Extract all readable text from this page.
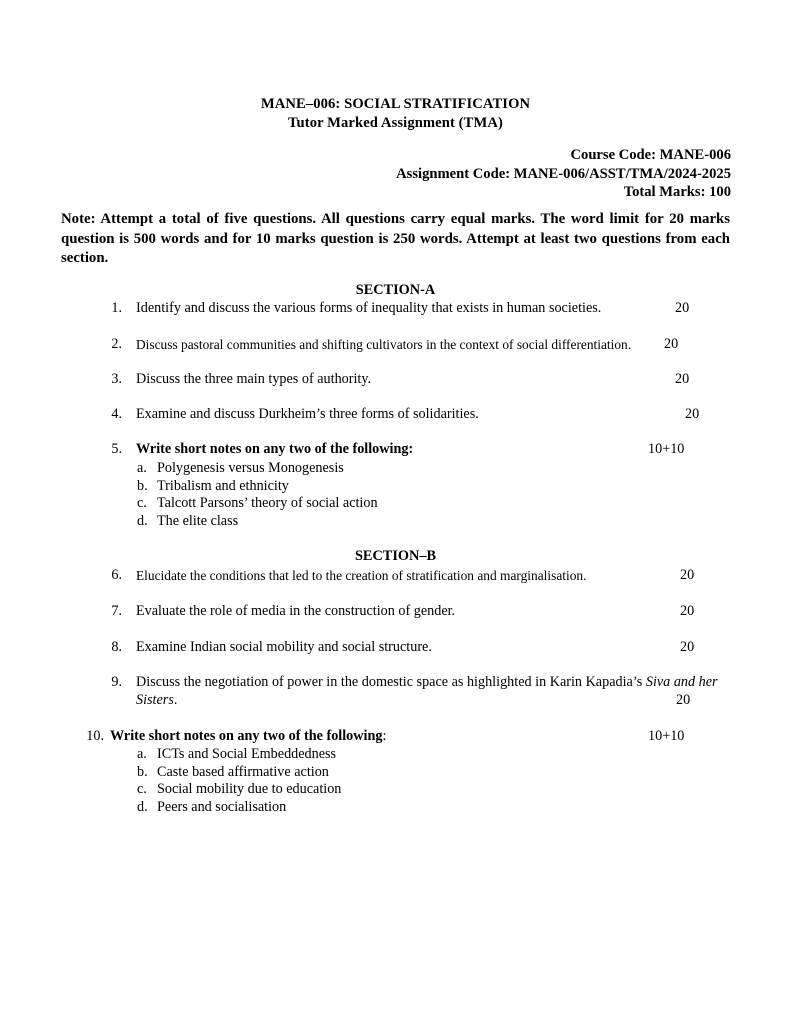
MANE–006: SOCIAL STRATIFICATION
Tutor Marked Assignment (TMA)
Course Code: MANE-006
Assignment Code: MANE-006/ASST/TMA/2024-2025
Total Marks: 100
Note: Attempt a total of five questions. All questions carry equal marks. The word limit for 20 marks question is 500 words and for 10 marks question is 250 words. Attempt at least two questions from each section.
SECTION-A
1. Identify and discuss the various forms of inequality that exists in human societies.	20
2. Discuss pastoral communities and shifting cultivators in the context of social differentiation. 20
3. Discuss the three main types of authority.	20
4. Examine and discuss Durkheim’s three forms of solidarities.	20
5. Write short notes on any two of the following:	10+10
a. Polygenesis versus Monogenesis
b. Tribalism and ethnicity
c. Talcott Parsons’ theory of social action
d. The elite class
SECTION–B
6. Elucidate the conditions that led to the creation of stratification and marginalisation.	20
7. Evaluate the role of media in the construction of gender.	20
8. Examine Indian social mobility and social structure.	20
9. Discuss the negotiation of power in the domestic space as highlighted in Karin Kapadia’s Siva and her Sisters.	20
10. Write short notes on any two of the following:	10+10
a. ICTs and Social Embeddedness
b. Caste based affirmative action
c. Social mobility due to education
d. Peers and socialisation
